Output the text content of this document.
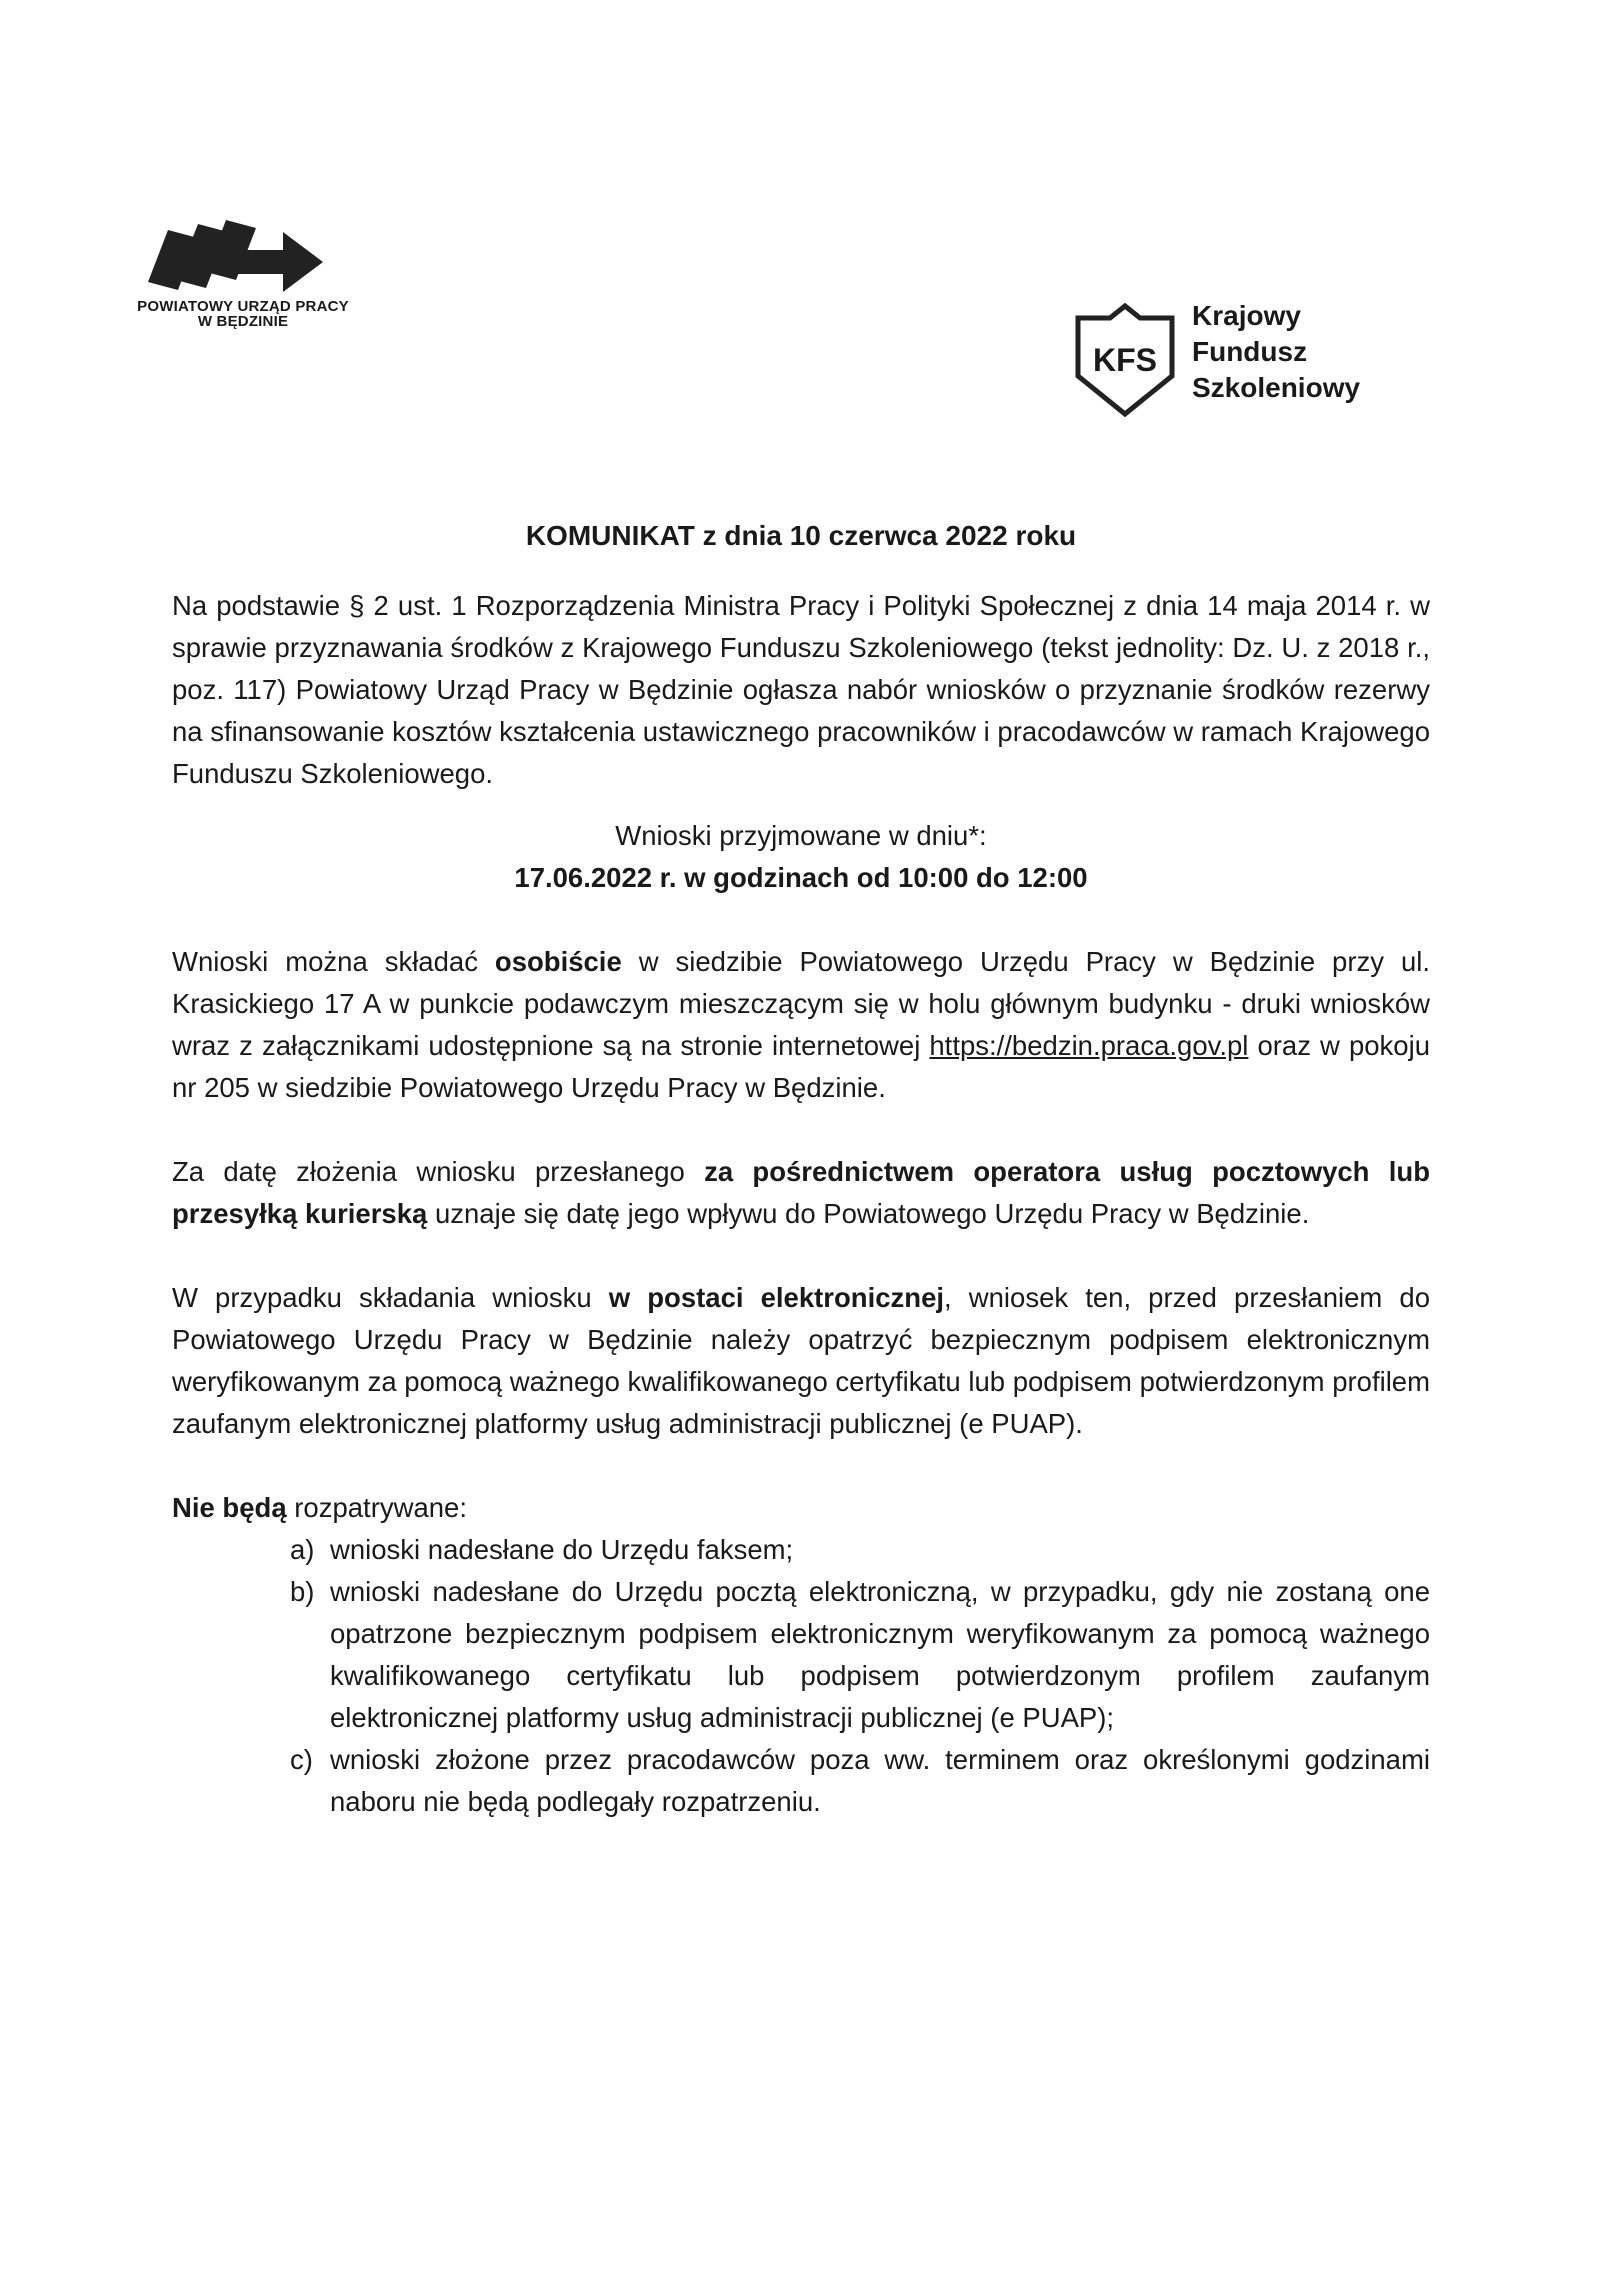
POWIATOWY URZĄD PRACY
W BĘDZINIE
KFS
Krajowy
Fundusz
Szkoleniowy
KOMUNIKAT z dnia 10 czerwca 2022 roku

Na podstawie § 2 ust. 1 Rozporządzenia Ministra Pracy i Polityki Społecznej z dnia 14 maja 2014 r. w sprawie przyznawania środków z Krajowego Funduszu Szkoleniowego (tekst jednolity: Dz. U. z 2018 r., poz. 117) Powiatowy Urząd Pracy w Będzinie ogłasza nabór wniosków o przyznanie środków rezerwy na sfinansowanie kosztów kształcenia ustawicznego pracowników i pracodawców w ramach Krajowego Funduszu Szkoleniowego.

Wnioski przyjmowane w dniu*:
17.06.2022 r. w godzinach od 10:00 do 12:00

Wnioski można składać osobiście w siedzibie Powiatowego Urzędu Pracy w Będzinie przy ul. Krasickiego 17 A w punkcie podawczym mieszczącym się w holu głównym budynku - druki wniosków wraz z załącznikami udostępnione są na stronie internetowej https://bedzin.praca.gov.pl oraz w pokoju nr 205 w siedzibie Powiatowego Urzędu Pracy w Będzinie.

Za datę złożenia wniosku przesłanego za pośrednictwem operatora usług pocztowych lub przesyłką kurierską uznaje się datę jego wpływu do Powiatowego Urzędu Pracy w Będzinie.

W przypadku składania wniosku w postaci elektronicznej, wniosek ten, przed przesłaniem do Powiatowego Urzędu Pracy w Będzinie należy opatrzyć bezpiecznym podpisem elektronicznym weryfikowanym za pomocą ważnego kwalifikowanego certyfikatu lub podpisem potwierdzonym profilem zaufanym elektronicznej platformy usług administracji publicznej (e PUAP).

Nie będą rozpatrywane:
a) wnioski nadesłane do Urzędu faksem;
b) wnioski nadesłane do Urzędu pocztą elektroniczną, w przypadku, gdy nie zostaną one opatrzone bezpiecznym podpisem elektronicznym weryfikowanym za pomocą ważnego kwalifikowanego certyfikatu lub podpisem potwierdzonym profilem zaufanym elektronicznej platformy usług administracji publicznej (e PUAP);
c) wnioski złożone przez pracodawców poza ww. terminem oraz określonymi godzinami naboru nie będą podlegały rozpatrzeniu.
